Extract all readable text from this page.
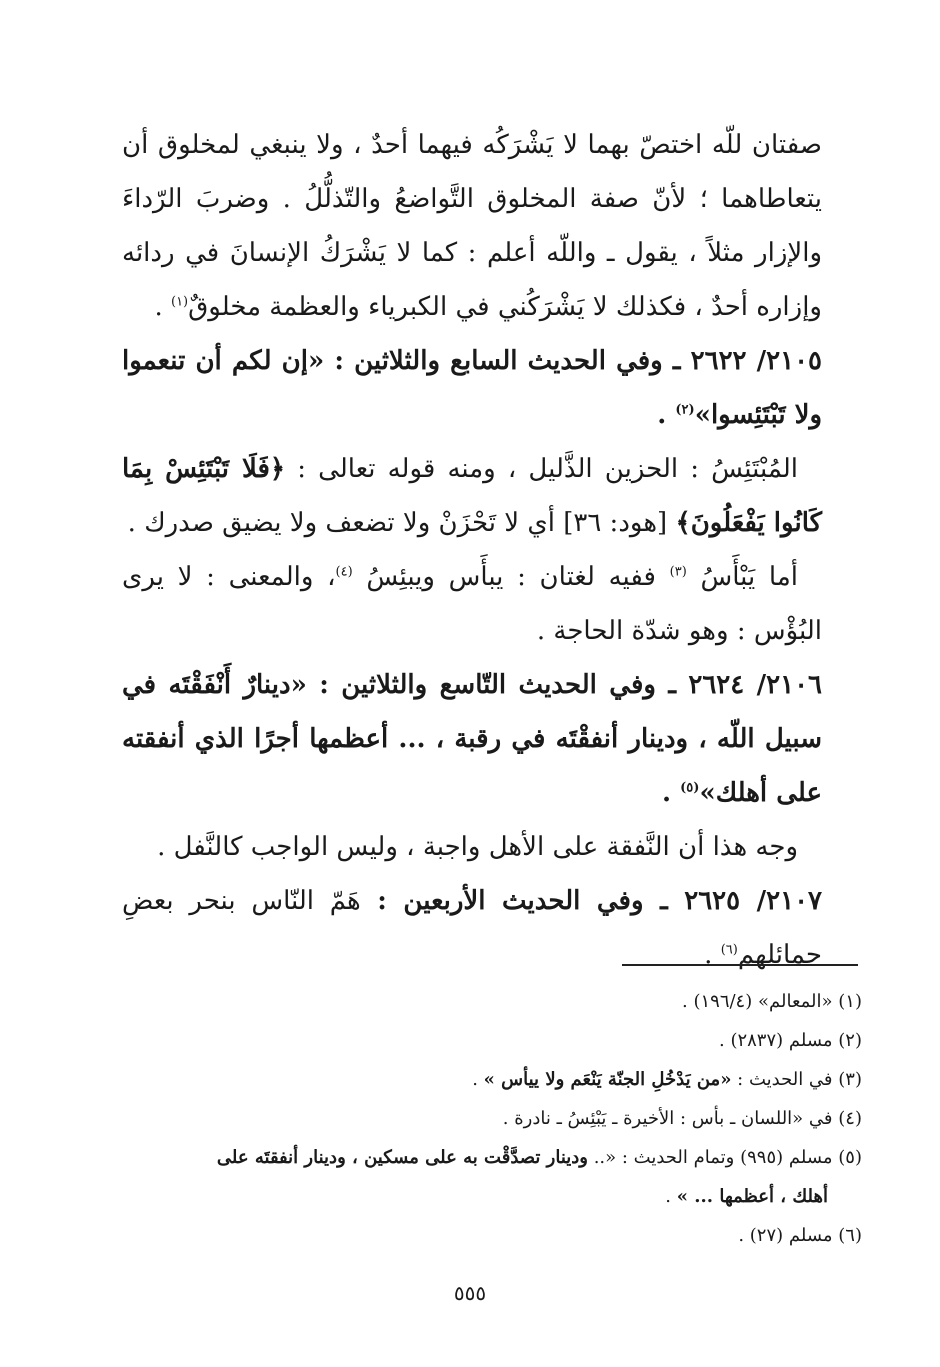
صفتان للّه اختصّ بهما لا يَشْرَكُه فيهما أحدٌ ، ولا ينبغي لمخلوق أن يتعاطاهما ؛ لأنّ صفة المخلوق التَّواضعُ والتّذلُّلُ . وضربَ الرّداءَ والإزار مثلاً ، يقول ـ واللّه أعلم : كما لا يَشْرَكُ الإنسانَ في ردائه وإزاره أحدٌ ، فكذلك لا يَشْرَكُني في الكبرياء والعظمة مخلوقٌ$^{(١)}$ .

٢١٠٥/ ٢٦٢٢ ـ وفي الحديث السابع والثلاثين : «إن لكم أن تنعموا ولا تَبْتَئِسوا»$^{(٢)}$ .

المُبْتَئِسُ : الحزين الذَّليل ، ومنه قوله تعالى : ﴿فَلَا تَبْتَئِسْ بِمَا كَانُوا يَفْعَلُونَ﴾ [هود: ٣٦] أي لا تَحْزَنْ ولا تضعف ولا يضيق صدرك .

أما يَبْأَسُ $^{(٣)}$ ففيه لغتان : يبأَس ويبئِسُ $^{(٤)}$، والمعنى : لا يرى البُؤْس : وهو شدّة الحاجة .

٢١٠٦/ ٢٦٢٤ ـ وفي الحديث التّاسع والثلاثين : «دينارٌ أَنْفَقْتَه في سبيل اللّه ، ودينار أنفقْتَه في رقبة ، ... أعظمها أجرًا الذي أنفقته على أهلك»$^{(٥)}$ .

وجه هذا أن النَّفقة على الأهل واجبة ، وليس الواجب كالنَّفل .

٢١٠٧/ ٢٦٢٥ ـ وفي الحديث الأربعين : هَمّ النّاس بنحر بعضِ حمائلهم$^{(٦)}$ .

(١) «المعالم» (١٩٦/٤) .

(٢) مسلم (٢٨٣٧) .

(٣) في الحديث : «من يَدْخُلِ الجنّة يَنْعَم ولا ييأس » .

(٤) في «اللسان ـ بأس : الأخيرة ـ يَبْئِسُ ـ نادرة .

(٥) مسلم (٩٩٥) وتمام الحديث : «.. ودينار تصدَّقْت به على مسكين ، ودينار أنفقتَه على

أهلك ، أعظمها ... » .

(٦) مسلم (٢٧) .

٥٥٥
